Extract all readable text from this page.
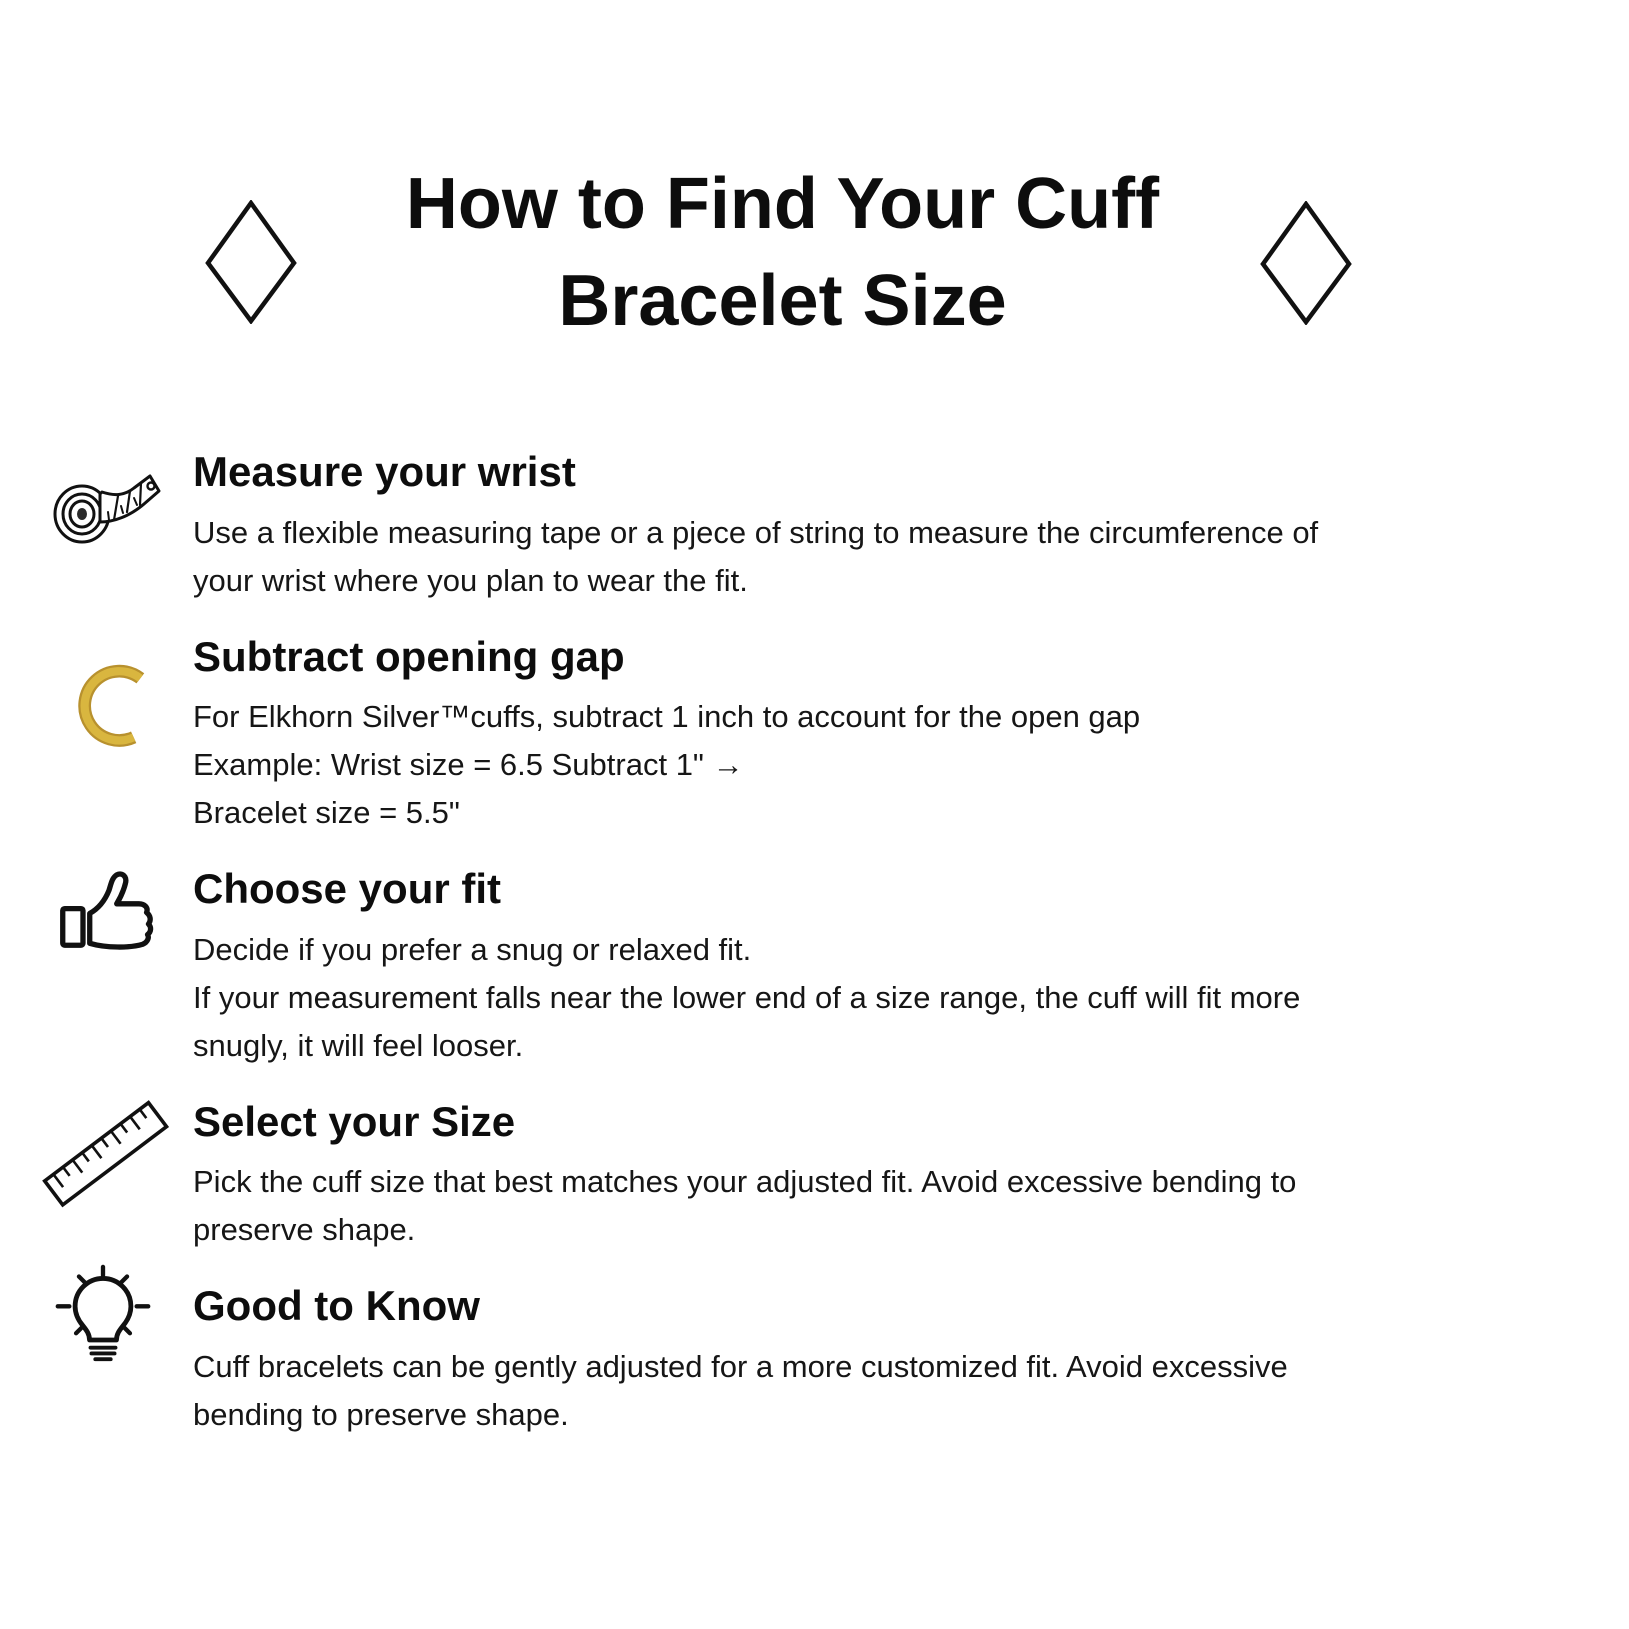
How to Find Your Cuff
Bracelet Size
Measure your wrist

Use a flexible measuring tape or a pjece of string to measure the circumference of

your wrist where you plan to wear the fit.

Subtract opening gap

For Elkhorn Silver™cuffs, subtract 1 inch to account for the open gap

Example: Wrist size = 6.5 Subtract 1" →

Bracelet size = 5.5"

Choose your fit

Decide if you prefer a snug or relaxed fit.

If your measurement falls near the lower end of a size range, the cuff will fit more

snugly, it will feel looser.

Select your Size

Pick the cuff size that best matches your adjusted fit. Avoid excessive bending to

preserve shape.

Good to Know

Cuff bracelets can be gently adjusted for a more customized fit. Avoid excessive

bending to preserve shape.
